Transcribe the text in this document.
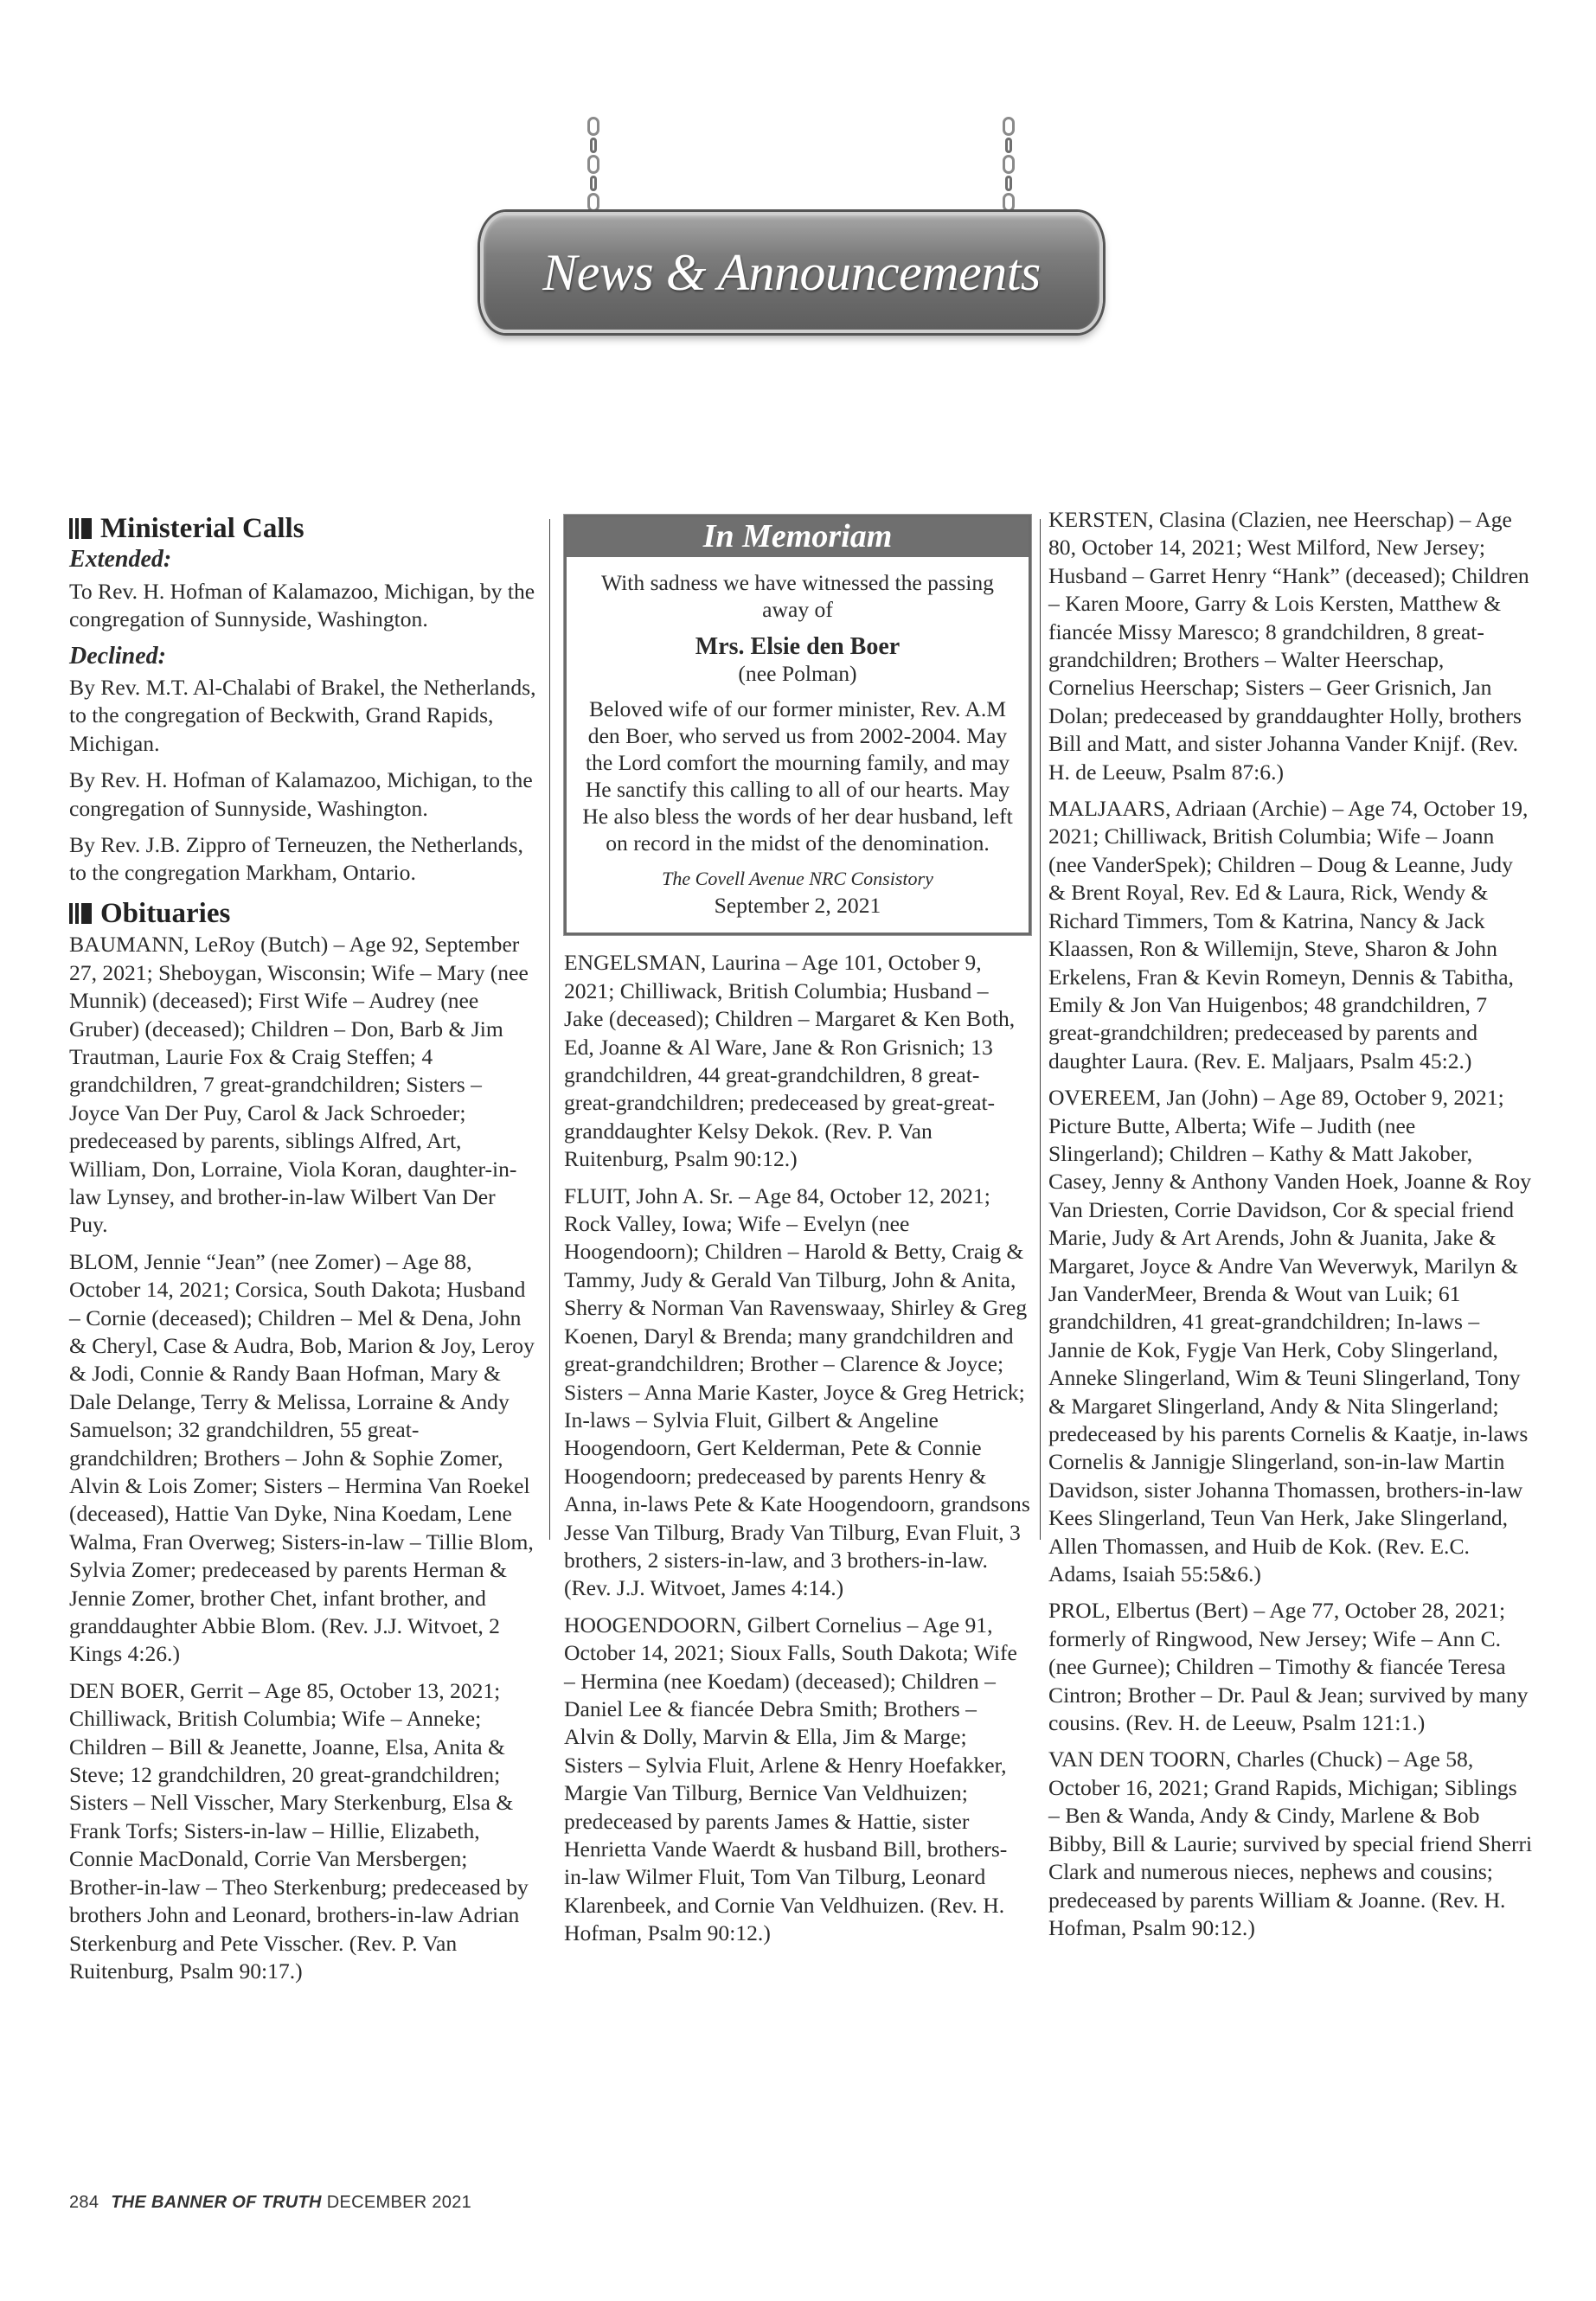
News & Announcements
Ministerial Calls
Extended:

To Rev. H. Hofman of Kalamazoo, Michigan, by the congregation of Sunnyside, Washington.

Declined:

By Rev. M.T. Al-Chalabi of Brakel, the Netherlands, to the congregation of Beckwith, Grand Rapids, Michigan.

By Rev. H. Hofman of Kalamazoo, Michigan, to the congregation of Sunnyside, Washington.

By Rev. J.B. Zippro of Terneuzen, the Netherlands, to the congregation Markham, Ontario.

Obituaries

BAUMANN, LeRoy (Butch) – Age 92, September 27, 2021; Sheboygan, Wisconsin; Wife – Mary (nee Munnik) (deceased); First Wife – Audrey (nee Gruber) (deceased); Children – Don, Barb & Jim Trautman, Laurie Fox & Craig Steffen; 4 grandchildren, 7 great-grandchildren; Sisters – Joyce Van Der Puy, Carol & Jack Schroeder; predeceased by parents, siblings Alfred, Art, William, Don, Lorraine, Viola Koran, daughter-in-law Lynsey, and brother-in-law Wilbert Van Der Puy.

BLOM, Jennie “Jean” (nee Zomer) – Age 88, October 14, 2021; Corsica, South Dakota; Husband – Cornie (deceased); Children – Mel & Dena, John & Cheryl, Case & Audra, Bob, Marion & Joy, Leroy & Jodi, Connie & Randy Baan Hofman, Mary & Dale Delange, Terry & Melissa, Lorraine & Andy Samuelson; 32 grandchildren, 55 great-grandchildren; Brothers – John & Sophie Zomer, Alvin & Lois Zomer; Sisters – Hermina Van Roekel (deceased), Hattie Van Dyke, Nina Koedam, Lene Walma, Fran Overweg; Sisters-in-law – Tillie Blom, Sylvia Zomer; predeceased by parents Herman & Jennie Zomer, brother Chet, infant brother, and granddaughter Abbie Blom. (Rev. J.J. Witvoet, 2 Kings 4:26.)

DEN BOER, Gerrit – Age 85, October 13, 2021; Chilliwack, British Columbia; Wife – Anneke; Children – Bill & Jeanette, Joanne, Elsa, Anita & Steve; 12 grandchildren, 20 great-grandchildren; Sisters – Nell Visscher, Mary Sterkenburg, Elsa & Frank Torfs; Sisters-in-law – Hillie, Elizabeth, Connie MacDonald, Corrie Van Mersbergen; Brother-in-law – Theo Sterkenburg; predeceased by brothers John and Leonard, brothers-in-law Adrian Sterkenburg and Pete Visscher. (Rev. P. Van Ruitenburg, Psalm 90:17.)

In Memoriam
With sadness we have witnessed the passing away of
Mrs. Elsie den Boer
(nee Polman)
Beloved wife of our former minister, Rev. A.M den Boer, who served us from 2002-2004. May the Lord comfort the mourning family, and may He sanctify this calling to all of our hearts. May He also bless the words of her dear husband, left on record in the midst of the denomination.
The Covell Avenue NRC Consistory
September 2, 2021

ENGELSMAN, Laurina – Age 101, October 9, 2021; Chilliwack, British Columbia; Husband – Jake (deceased); Children – Margaret & Ken Both, Ed, Joanne & Al Ware, Jane & Ron Grisnich; 13 grandchildren, 44 great-grandchildren, 8 great-great-grandchildren; predeceased by great-great-granddaughter Kelsy Dekok. (Rev. P. Van Ruitenburg, Psalm 90:12.)

FLUIT, John A. Sr. – Age 84, October 12, 2021; Rock Valley, Iowa; Wife – Evelyn (nee Hoogendoorn); Children – Harold & Betty, Craig & Tammy, Judy & Gerald Van Tilburg, John & Anita, Sherry & Norman Van Ravenswaay, Shirley & Greg Koenen, Daryl & Brenda; many grandchildren and great-grandchildren; Brother – Clarence & Joyce; Sisters – Anna Marie Kaster, Joyce & Greg Hetrick; In-laws – Sylvia Fluit, Gilbert & Angeline Hoogendoorn, Gert Kelderman, Pete & Connie Hoogendoorn; predeceased by parents Henry & Anna, in-laws Pete & Kate Hoogendoorn, grandsons Jesse Van Tilburg, Brady Van Tilburg, Evan Fluit, 3 brothers, 2 sisters-in-law, and 3 brothers-in-law. (Rev. J.J. Witvoet, James 4:14.)

HOOGENDOORN, Gilbert Cornelius – Age 91, October 14, 2021; Sioux Falls, South Dakota; Wife – Hermina (nee Koedam) (deceased); Children – Daniel Lee & fiancée Debra Smith; Brothers – Alvin & Dolly, Marvin & Ella, Jim & Marge; Sisters – Sylvia Fluit, Arlene & Henry Hoefakker, Margie Van Tilburg, Bernice Van Veldhuizen; predeceased by parents James & Hattie, sister Henrietta Vande Waerdt & husband Bill, brothers-in-law Wilmer Fluit, Tom Van Tilburg, Leonard Klarenbeek, and Cornie Van Veldhuizen. (Rev. H. Hofman, Psalm 90:12.)

KERSTEN, Clasina (Clazien, nee Heerschap) – Age 80, October 14, 2021; West Milford, New Jersey; Husband – Garret Henry “Hank” (deceased); Children – Karen Moore, Garry & Lois Kersten, Matthew & fiancée Missy Maresco; 8 grandchildren, 8 great-grandchildren; Brothers – Walter Heerschap, Cornelius Heerschap; Sisters – Geer Grisnich, Jan Dolan; predeceased by granddaughter Holly, brothers Bill and Matt, and sister Johanna Vander Knijf. (Rev. H. de Leeuw, Psalm 87:6.)

MALJAARS, Adriaan (Archie) – Age 74, October 19, 2021; Chilliwack, British Columbia; Wife – Joann (nee VanderSpek); Children – Doug & Leanne, Judy & Brent Royal, Rev. Ed & Laura, Rick, Wendy & Richard Timmers, Tom & Katrina, Nancy & Jack Klaassen, Ron & Willemijn, Steve, Sharon & John Erkelens, Fran & Kevin Romeyn, Dennis & Tabitha, Emily & Jon Van Huigenbos; 48 grandchildren, 7 great-grandchildren; predeceased by parents and daughter Laura. (Rev. E. Maljaars, Psalm 45:2.)

OVEREEM, Jan (John) – Age 89, October 9, 2021; Picture Butte, Alberta; Wife – Judith (nee Slingerland); Children – Kathy & Matt Jakober, Casey, Jenny & Anthony Vanden Hoek, Joanne & Roy Van Driesten, Corrie Davidson, Cor & special friend Marie, Judy & Art Arends, John & Juanita, Jake & Margaret, Joyce & Andre Van Weverwyk, Marilyn & Jan VanderMeer, Brenda & Wout van Luik; 61 grandchildren, 41 great-grandchildren; In-laws – Jannie de Kok, Fygje Van Herk, Coby Slingerland, Anneke Slingerland, Wim & Teuni Slingerland, Tony & Margaret Slingerland, Andy & Nita Slingerland; predeceased by his parents Cornelis & Kaatje, in-laws Cornelis & Jannigje Slingerland, son-in-law Martin Davidson, sister Johanna Thomassen, brothers-in-law Kees Slingerland, Teun Van Herk, Jake Slingerland, Allen Thomassen, and Huib de Kok. (Rev. E.C. Adams, Isaiah 55:5&6.)

PROL, Elbertus (Bert) – Age 77, October 28, 2021; formerly of Ringwood, New Jersey; Wife – Ann C. (nee Gurnee); Children – Timothy & fiancée Teresa Cintron; Brother – Dr. Paul & Jean; survived by many cousins. (Rev. H. de Leeuw, Psalm 121:1.)

VAN DEN TOORN, Charles (Chuck) – Age 58, October 16, 2021; Grand Rapids, Michigan; Siblings – Ben & Wanda, Andy & Cindy, Marlene & Bob Bibby, Bill & Laurie; survived by special friend Sherri Clark and numerous nieces, nephews and cousins; predeceased by parents William & Joanne. (Rev. H. Hofman, Psalm 90:12.)

284 THE BANNER OF TRUTH DECEMBER 2021
